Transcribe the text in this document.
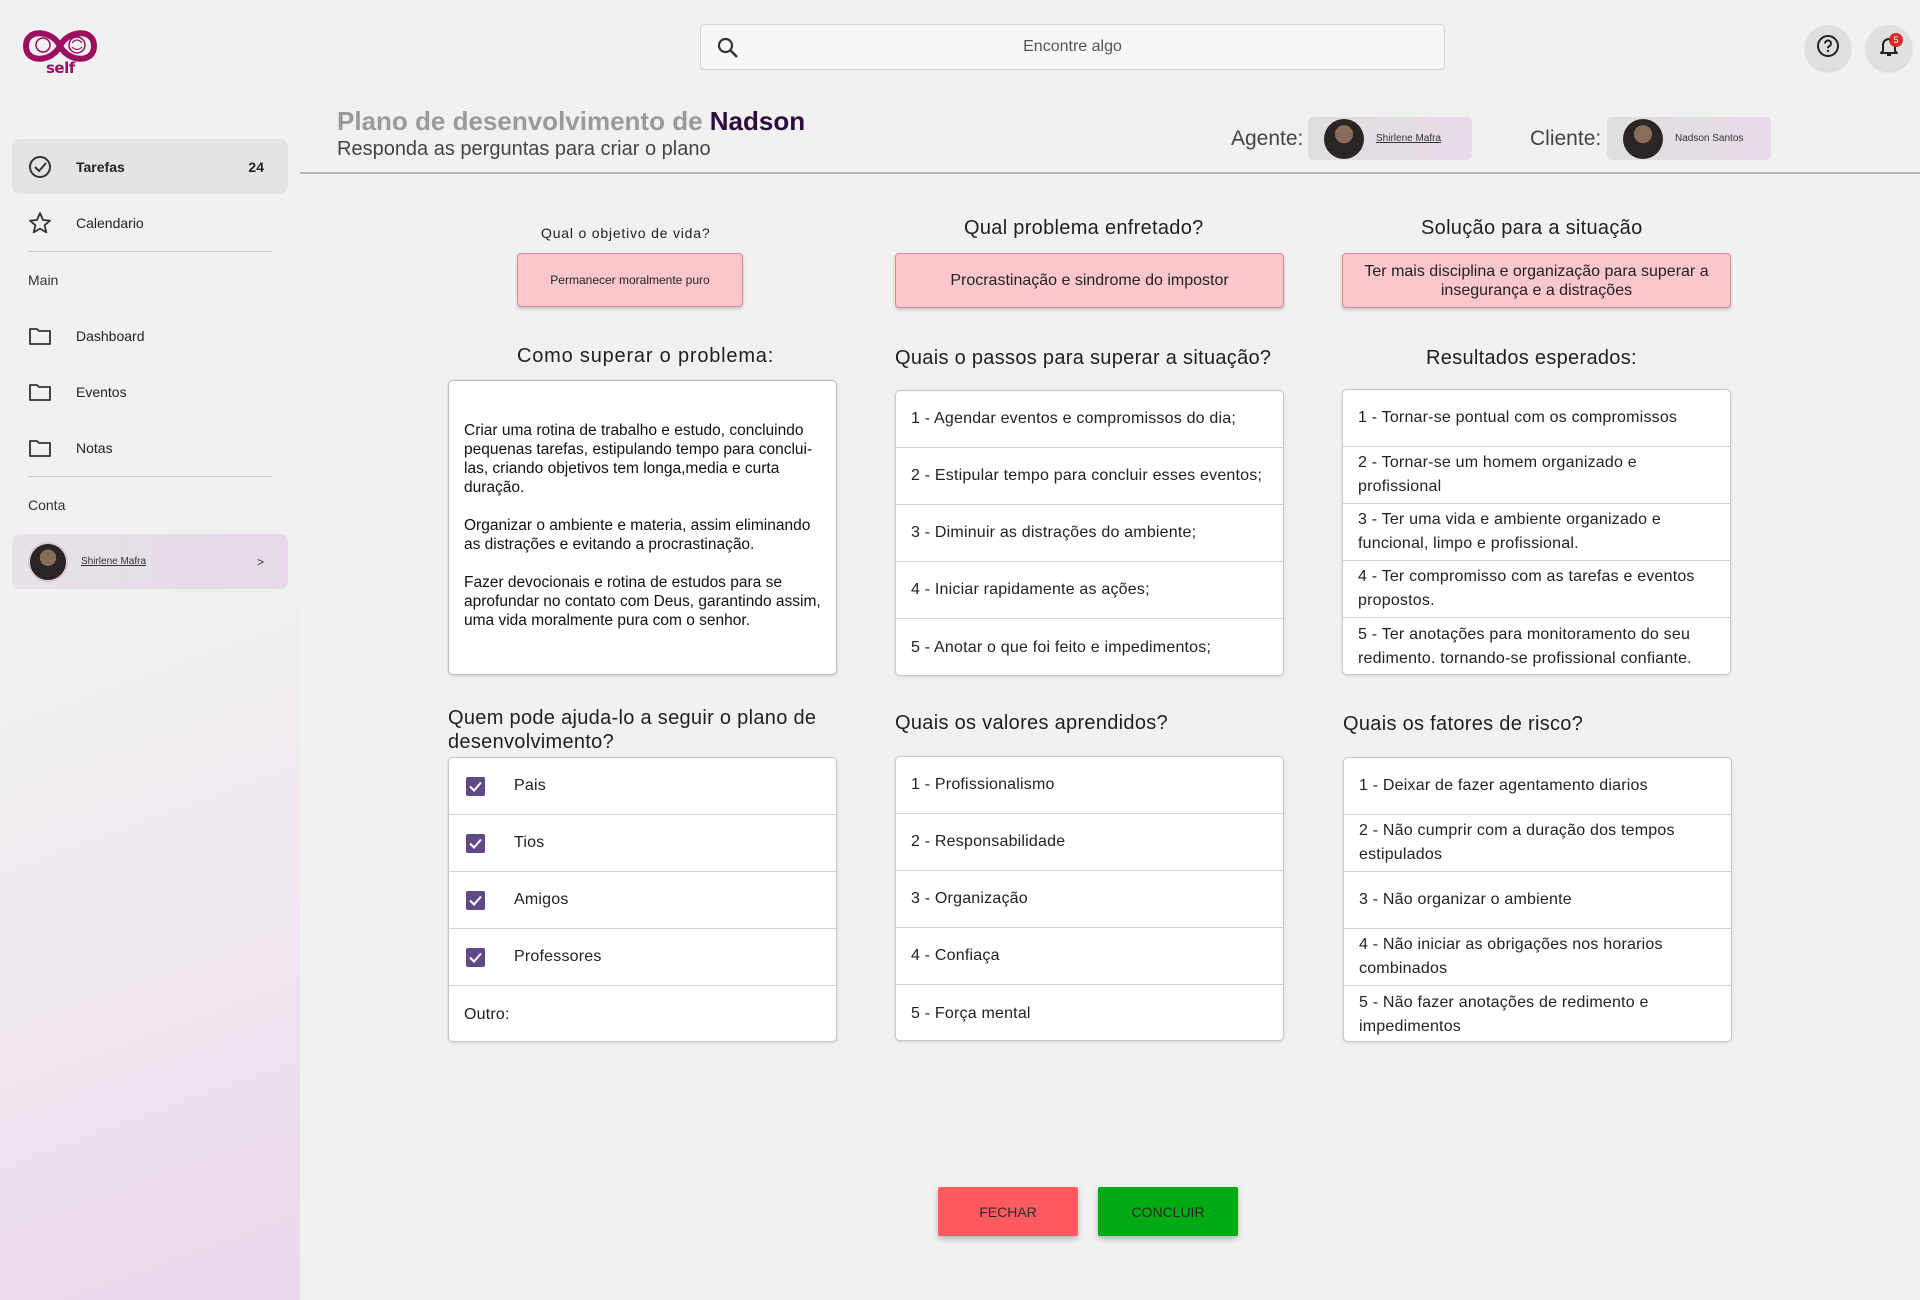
self
Tarefas	24
Calendario
Main
Dashboard
Eventos
Notas
Conta
Shirlene Mafra	>
Encontre algo
5
Plano de desenvolvimento de Nadson
Responda as perguntas para criar o plano	Agente:	Shirlene Mafra	Cliente:	Nadson Santos
Qual o objetivo de vida?
Permanecer moralmente puro
Qual problema enfretado?
Procrastinação e sindrome do impostor
Solução para a situação
Ter mais disciplina e organização para superar a insegurança e a distrações
Como superar o problema:

Criar uma rotina de trabalho e estudo, concluindo pequenas tarefas, estipulando tempo para conclui-las, criando objetivos tem longa,media e curta duração.

Organizar o ambiente e materia, assim eliminando as distrações e evitando a procrastinação.

Fazer devocionais e rotina de estudos para se aprofundar no contato com Deus, garantindo assim, uma vida moralmente pura com o senhor.

Quais o passos para superar a situação?
1 - Agendar eventos e compromissos do dia;
2 - Estipular tempo para concluir esses eventos;
3 - Diminuir as distrações do ambiente;
4 - Iniciar rapidamente as ações;
5 - Anotar o que foi feito e impedimentos;
Resultados esperados:
1 - Tornar-se pontual com os compromissos
2 - Tornar-se um homem organizado e profissional
3 - Ter uma vida e ambiente organizado e funcional, limpo e profissional.
4 - Ter compromisso com as tarefas e eventos propostos.
5 - Ter anotações para monitoramento do seu redimento. tornando-se profissional confiante.
Quem pode ajuda-lo a seguir o plano de desenvolvimento?
Pais
Tios
Amigos
Professores
Outro:
Quais os valores aprendidos?
1 - Profissionalismo
2 - Responsabilidade
3 - Organização
4 - Confiaça
5 - Força mental
Quais os fatores de risco?
1 - Deixar de fazer agentamento diarios
2 - Não cumprir com a duração dos tempos estipulados
3 - Não organizar o ambiente
4 - Não iniciar as obrigações nos horarios combinados
5 - Não fazer anotações de redimento e impedimentos
FECHAR	CONCLUIR
